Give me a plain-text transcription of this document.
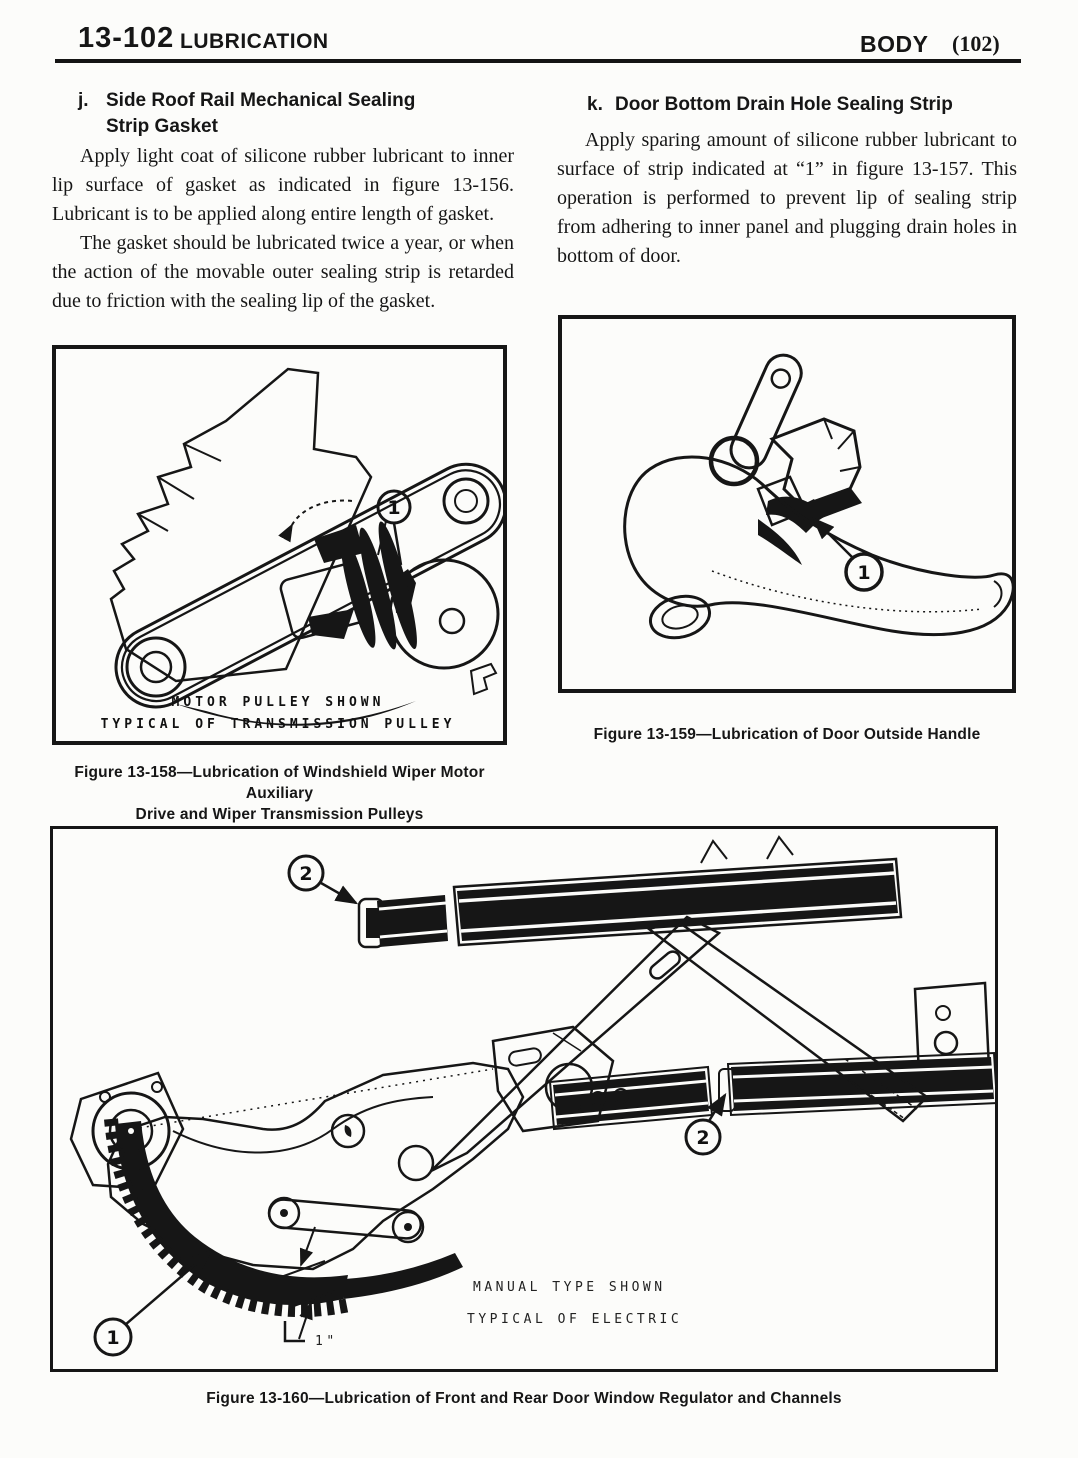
13-102 LUBRICATION	BODY (102)
j. Side Roof Rail Mechanical Sealing
Strip Gasket

Apply light coat of silicone rubber lubricant to inner lip surface of gasket as indicated in figure 13-156. Lubricant is to be applied along entire length of gasket.

The gasket should be lubricated twice a year, or when the action of the movable outer sealing strip is retarded due to friction with the sealing lip of the gasket.

k. Door Bottom Drain Hole Sealing Strip

Apply sparing amount of silicone rubber lubricant to surface of strip indicated at “1” in figure 13-157. This operation is performed to prevent lip of sealing strip from adhering to inner panel and plugging drain holes in bottom of door.

1
MOTOR PULLEY SHOWN
TYPICAL OF TRANSMISSION PULLEY
Figure 13-158—Lubrication of Windshield Wiper Motor Auxiliary
Drive and Wiper Transmission Pulleys
1
Figure 13-159—Lubrication of Door Outside Handle
2
1"
1
2
MANUAL TYPE SHOWN
TYPICAL OF ELECTRIC
Figure 13-160—Lubrication of Front and Rear Door Window Regulator and Channels
